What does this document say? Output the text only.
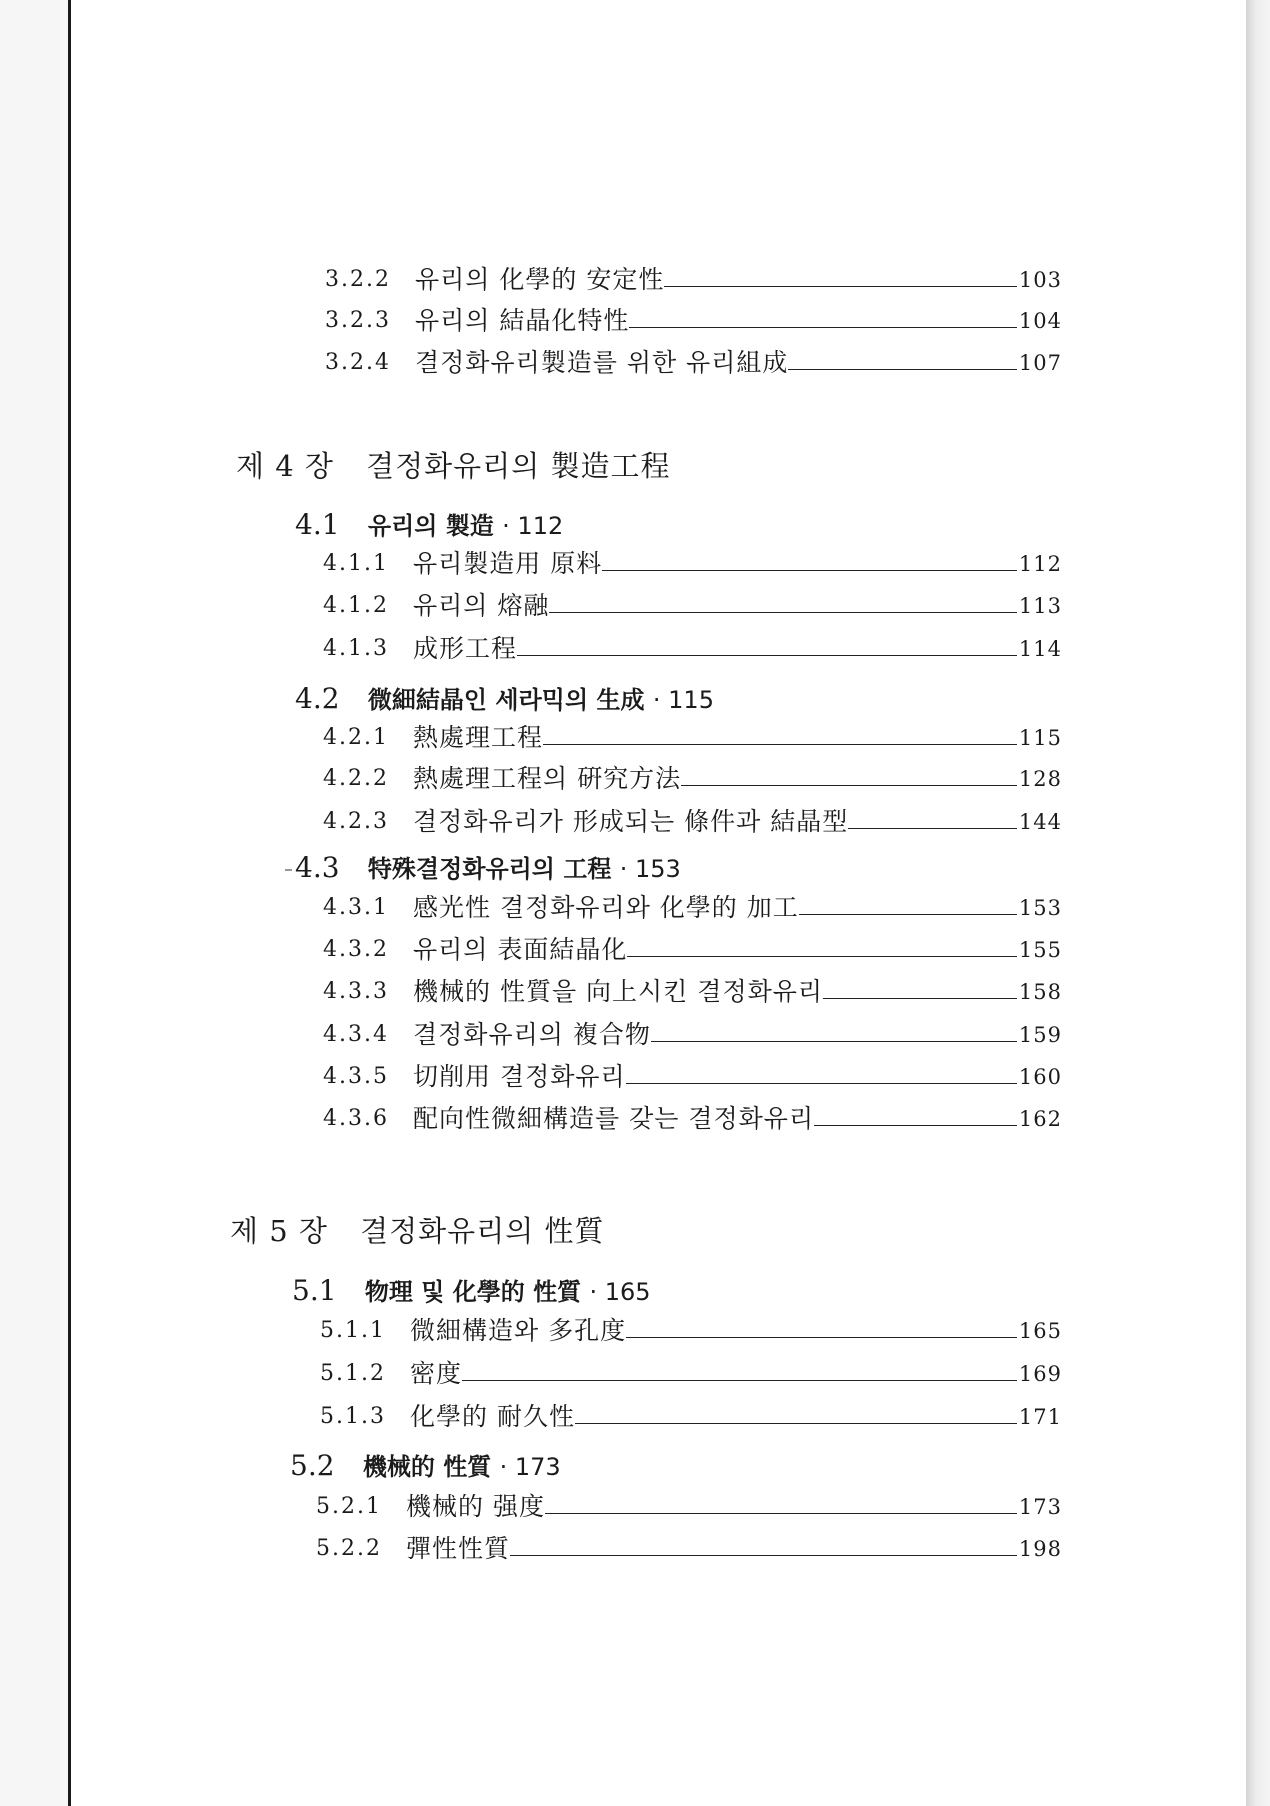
3.2.2 유리의 化學的 安定性	103
3.2.3 유리의 結晶化特性	104
3.2.4 결정화유리製造를 위한 유리組成	107
제 4 장 결정화유리의 製造工程
4.1 유리의 製造 · 112
4.1.1 유리製造用 原料	112
4.1.2 유리의 熔融	113
4.1.3 成形工程	114
4.2 微細結晶인 세라믹의 生成 · 115
4.2.1 熱處理工程	115
4.2.2 熱處理工程의 硏究方法	128
4.2.3 결정화유리가 形成되는 條件과 結晶型	144
4.3 特殊결정화유리의 工程 · 153
4.3.1 感光性 결정화유리와 化學的 加工	153
4.3.2 유리의 表面結晶化	155
4.3.3 機械的 性質을 向上시킨 결정화유리	158
4.3.4 결정화유리의 複合物	159
4.3.5 切削用 결정화유리	160
4.3.6 配向性微細構造를 갖는 결정화유리	162
제 5 장 결정화유리의 性質
5.1 物理 및 化學的 性質 · 165
5.1.1 微細構造와 多孔度	165
5.1.2 密度	169
5.1.3 化學的 耐久性	171
5.2 機械的 性質 · 173
5.2.1 機械的 强度	173
5.2.2 彈性性質	198
